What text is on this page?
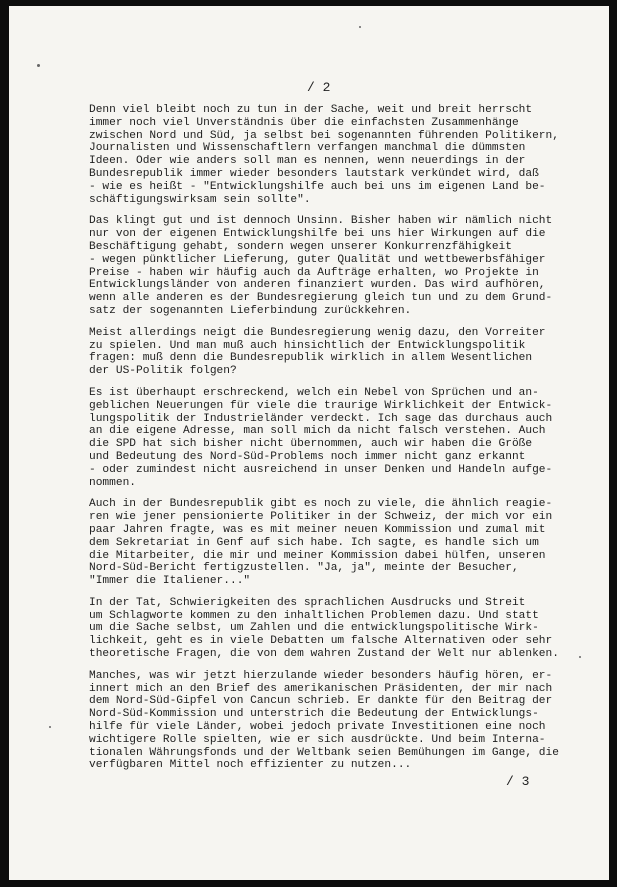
/ 2

Denn viel bleibt noch zu tun in der Sache, weit und breit herrscht
immer noch viel Unverständnis über die einfachsten Zusammenhänge
zwischen Nord und Süd, ja selbst bei sogenannten führenden Politikern,
Journalisten und Wissenschaftlern verfangen manchmal die dümmsten
Ideen. Oder wie anders soll man es nennen, wenn neuerdings in der
Bundesrepublik immer wieder besonders lautstark verkündet wird, daß
- wie es heißt - "Entwicklungshilfe auch bei uns im eigenen Land be-
schäftigungswirksam sein sollte".

Das klingt gut und ist dennoch Unsinn. Bisher haben wir nämlich nicht
nur von der eigenen Entwicklungshilfe bei uns hier Wirkungen auf die
Beschäftigung gehabt, sondern wegen unserer Konkurrenzfähigkeit
- wegen pünktlicher Lieferung, guter Qualität und wettbewerbsfähiger
Preise - haben wir häufig auch da Aufträge erhalten, wo Projekte in
Entwicklungsländer von anderen finanziert wurden. Das wird aufhören,
wenn alle anderen es der Bundesregierung gleich tun und zu dem Grund-
satz der sogenannten Lieferbindung zurückkehren.

Meist allerdings neigt die Bundesregierung wenig dazu, den Vorreiter
zu spielen. Und man muß auch hinsichtlich der Entwicklungspolitik
fragen: muß denn die Bundesrepublik wirklich in allem Wesentlichen
der US-Politik folgen?

Es ist überhaupt erschreckend, welch ein Nebel von Sprüchen und an-
geblichen Neuerungen für viele die traurige Wirklichkeit der Entwick-
lungspolitik der Industrieländer verdeckt. Ich sage das durchaus auch
an die eigene Adresse, man soll mich da nicht falsch verstehen. Auch
die SPD hat sich bisher nicht übernommen, auch wir haben die Größe
und Bedeutung des Nord-Süd-Problems noch immer nicht ganz erkannt
- oder zumindest nicht ausreichend in unser Denken und Handeln aufge-
nommen.

Auch in der Bundesrepublik gibt es noch zu viele, die ähnlich reagie-
ren wie jener pensionierte Politiker in der Schweiz, der mich vor ein
paar Jahren fragte, was es mit meiner neuen Kommission und zumal mit
dem Sekretariat in Genf auf sich habe. Ich sagte, es handle sich um
die Mitarbeiter, die mir und meiner Kommission dabei hülfen, unseren
Nord-Süd-Bericht fertigzustellen. "Ja, ja", meinte der Besucher,
"Immer die Italiener..."

In der Tat, Schwierigkeiten des sprachlichen Ausdrucks und Streit
um Schlagworte kommen zu den inhaltlichen Problemen dazu. Und statt
um die Sache selbst, um Zahlen und die entwicklungspolitische Wirk-
lichkeit, geht es in viele Debatten um falsche Alternativen oder sehr
theoretische Fragen, die von dem wahren Zustand der Welt nur ablenken.

Manches, was wir jetzt hierzulande wieder besonders häufig hören, er-
innert mich an den Brief des amerikanischen Präsidenten, der mir nach
dem Nord-Süd-Gipfel von Cancun schrieb. Er dankte für den Beitrag der
Nord-Süd-Kommission und unterstrich die Bedeutung der Entwicklungs-
hilfe für viele Länder, wobei jedoch private Investitionen eine noch
wichtigere Rolle spielten, wie er sich ausdrückte. Und beim Interna-
tionalen Währungsfonds und der Weltbank seien Bemühungen im Gange, die
verfügbaren Mittel noch effizienter zu nutzen...

/ 3
